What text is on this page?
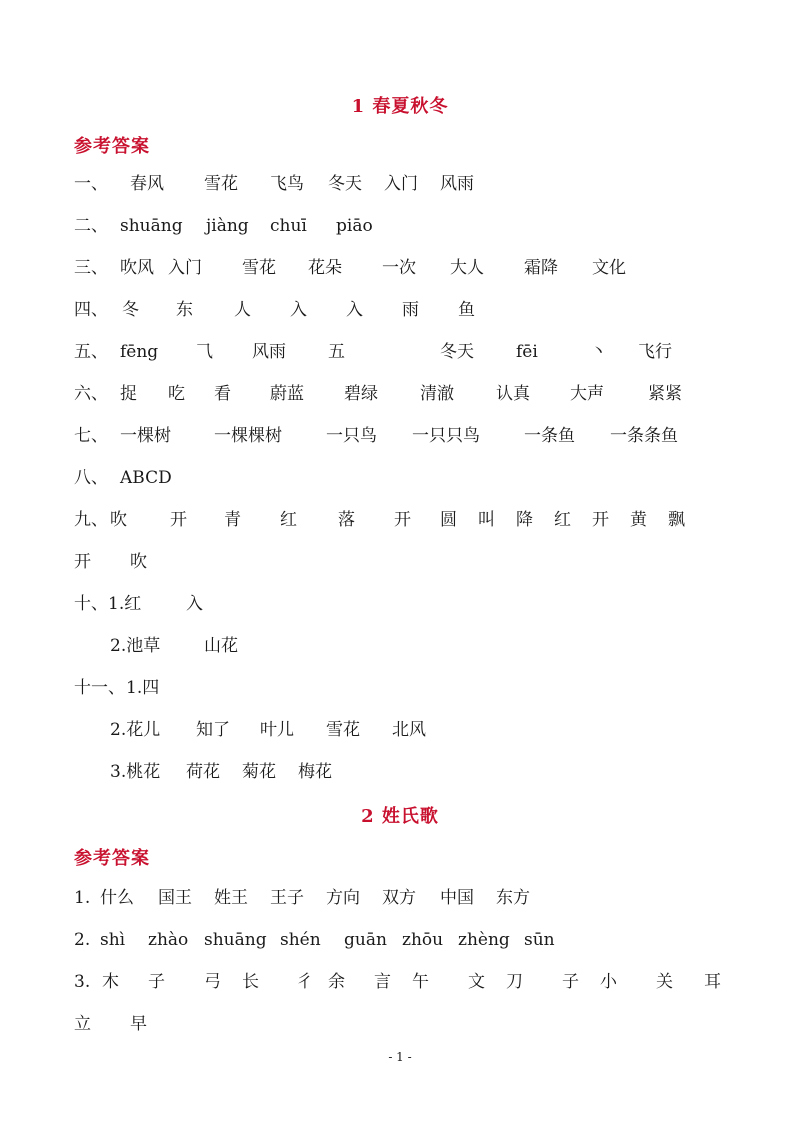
1 春夏秋冬
参考答案
一、 春风 雪花 飞鸟 冬天 入门 风雨
二、 shuāng jiàng chuī piāo
三、 吹风 入门 雪花 花朵 一次 大人 霜降 文化
四、 冬 东 人 入 入 雨 鱼
五、 fēng ⺄ 风雨 五	冬天 fēi	丶 飞行
六、 捉 吃 看 蔚蓝 碧绿 清澈 认真 大声	紧紧
七、 一棵树	一棵棵树	一只鸟 一只只鸟	一条鱼 一条条鱼
八、 ABCD
九、 吹	开 青 红 落 开 圆 叫 降 红 开 黄 飘
开 吹
十、 1.红	入
2.池草	山花
十一、 1.四
2.花儿 知了 叶儿 雪花 北风
3.桃花 荷花 菊花 梅花
2 姓氏歌
参考答案
1. 什么 国王 姓王 王子 方向 双方 中国 东方
2. shì zhào shuāng shén guān zhōu zhèng sūn
3. 木 子 弓 长 彳 余 言 午 文 刀 子 小 关 耳
立 早
- 1 -
